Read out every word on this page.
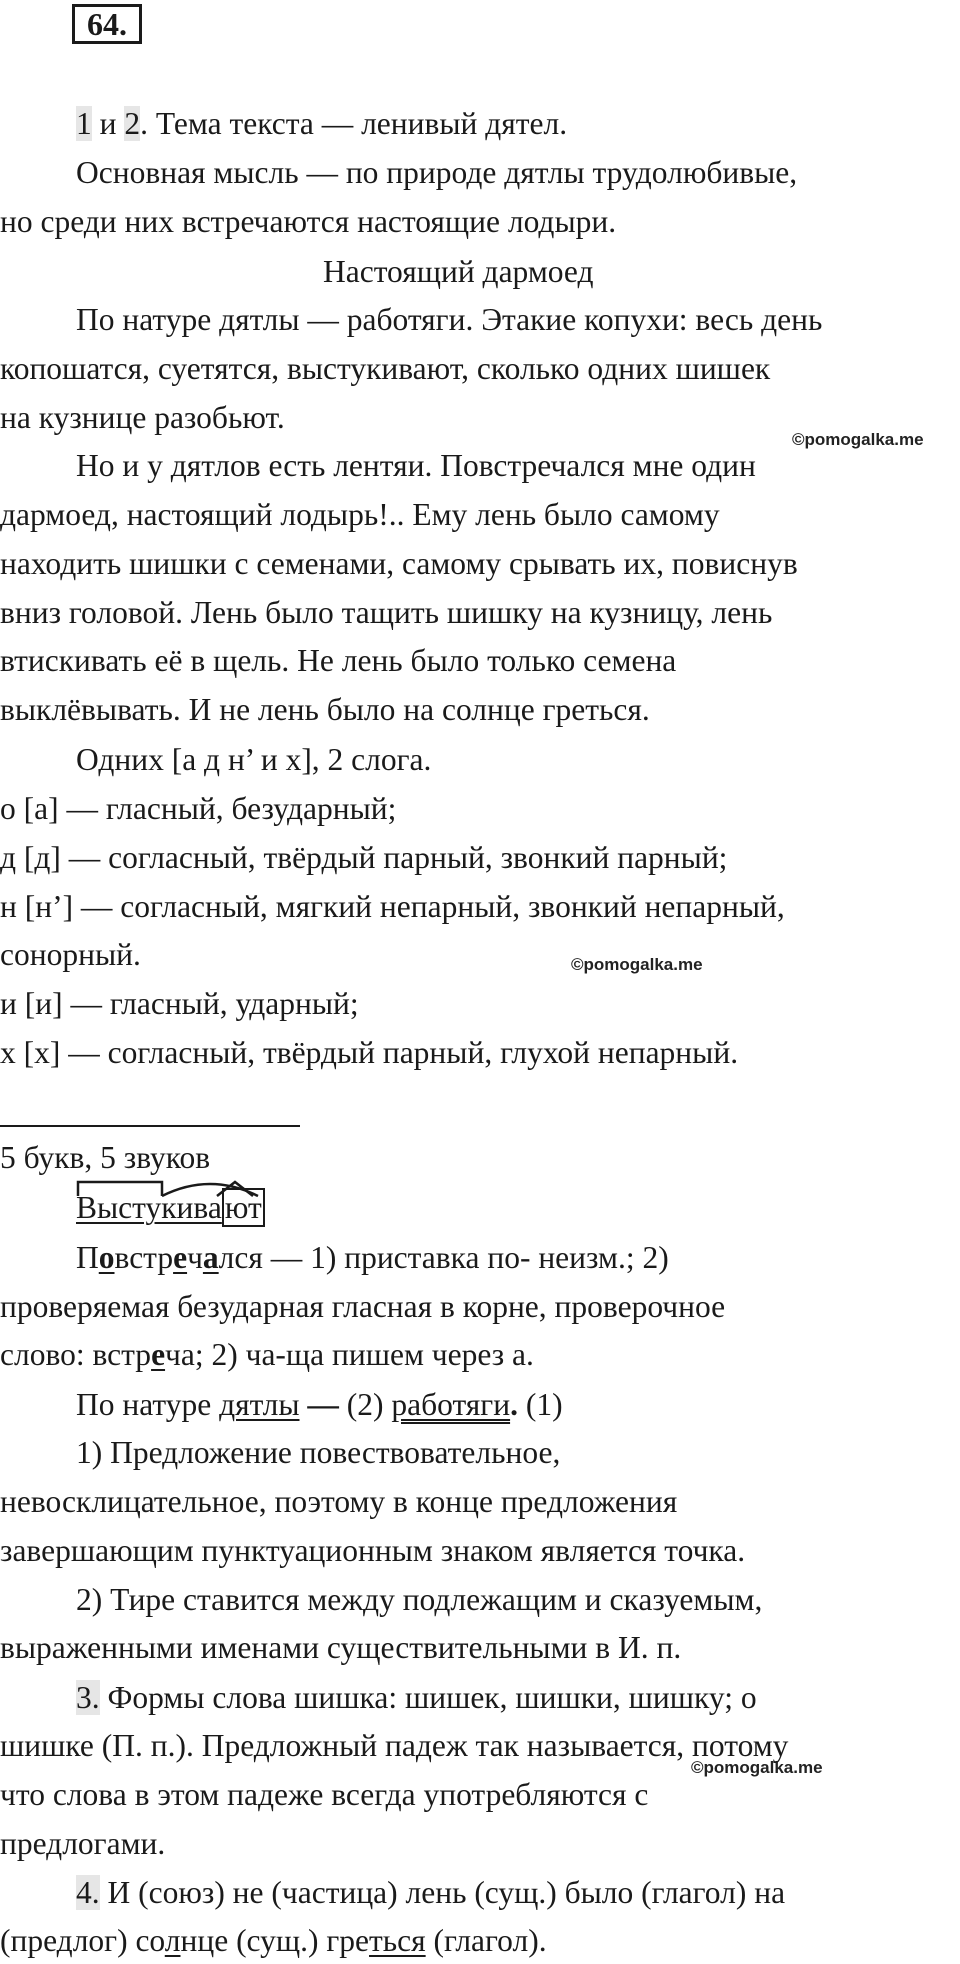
64.
©pomogalka.me
©pomogalka.me
©pomogalka.me
1 и 2. Тема текста — ленивый дятел.
Основная мысль — по природе дятлы трудолюбивые,
но среди них встречаются настоящие лодыри.
Настоящий дармоед
По натуре дятлы — работяги. Этакие копухи: весь день
копошатся, суетятся, выстукивают, сколько одних шишек
на кузнице разобьют.
Но и у дятлов есть лентяи. Повстречался мне один
дармоед, настоящий лодырь!.. Ему лень было самому
находить шишки с семенами, самому срывать их, повиснув
вниз головой. Лень было тащить шишку на кузницу, лень
втискивать её в щель. Не лень было только семена
выклёвывать. И не лень было на солнце греться.
Одних [а д н’ и х], 2 слога.
о [а] — гласный, безударный;
д [д] — согласный, твёрдый парный, звонкий парный;
н [н’] — согласный, мягкий непарный, звонкий непарный,
сонорный.
и [и] — гласный, ударный;
х [х] — согласный, твёрдый парный, глухой непарный.
5 букв, 5 звуков
Выстукивают
Повстречался — 1) приставка по- неизм.; 2)
проверяемая безударная гласная в корне, проверочное
слово: встреча; 2) ча-ща пишем через а.
По натуре дятлы — (2) работяги. (1)
1) Предложение повествовательное,
невосклицательное, поэтому в конце предложения
завершающим пунктуационным знаком является точка.
2) Тире ставится между подлежащим и сказуемым,
выраженными именами существительными в И. п.
3. Формы слова шишка: шишек, шишки, шишку; о
шишке (П. п.). Предложный падеж так называется, потому
что слова в этом падеже всегда употребляются с
предлогами.
4. И (союз) не (частица) лень (сущ.) было (глагол) на
(предлог) солнце (сущ.) греться (глагол).
